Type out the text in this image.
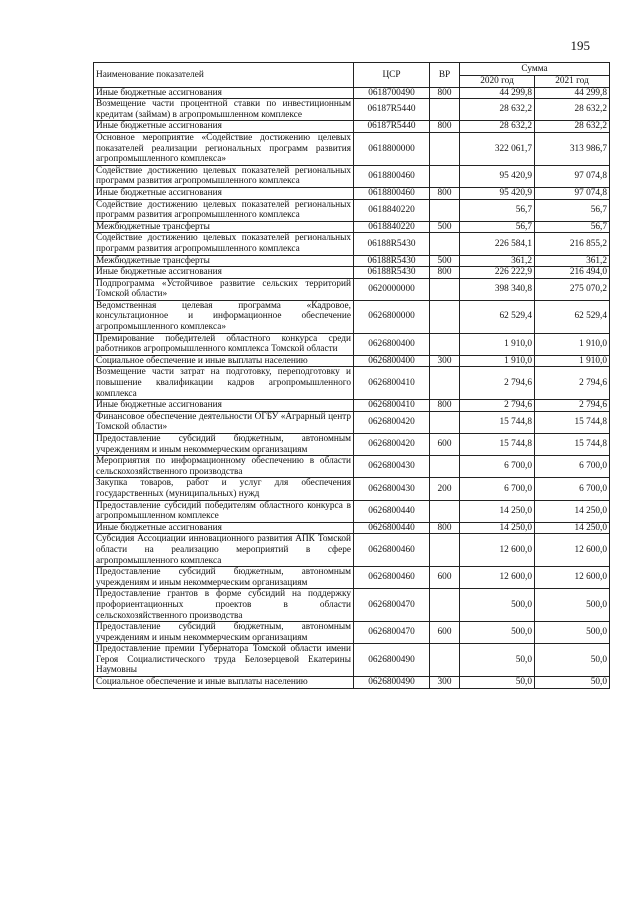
195
Наименование показателей	ЦСР	ВР	Сумма	
			2020 год	2021 год
Иные бюджетные ассигнования	0618700490	800	44 299,8	44 299,8
Возмещение части процентной ставки по инвестиционным кредитам (займам) в агропромышленном комплексе	06187R5440		28 632,2	28 632,2
Иные бюджетные ассигнования	06187R5440	800	28 632,2	28 632,2
Основное мероприятие «Содействие достижению целевых показателей реализации региональных программ развития агропромышленного комплекса»	0618800000		322 061,7	313 986,7
Содействие достижению целевых показателей региональных программ развития агропромышленного комплекса	0618800460		95 420,9	97 074,8
Иные бюджетные ассигнования	0618800460	800	95 420,9	97 074,8
Содействие достижению целевых показателей региональных программ развития агропромышленного комплекса	0618840220		56,7	56,7
Межбюджетные трансферты	0618840220	500	56,7	56,7
Содействие достижению целевых показателей региональных программ развития агропромышленного комплекса	06188R5430		226 584,1	216 855,2
Межбюджетные трансферты	06188R5430	500	361,2	361,2
Иные бюджетные ассигнования	06188R5430	800	226 222,9	216 494,0
Подпрограмма «Устойчивое развитие сельских территорий Томской области»	0620000000		398 340,8	275 070,2
Ведомственная целевая программа «Кадровое, консультационное и информационное обеспечение агропромышленного комплекса»	0626800000		62 529,4	62 529,4
Премирование победителей областного конкурса среди работников агропромышленного комплекса Томской области	0626800400		1 910,0	1 910,0
Социальное обеспечение и иные выплаты населению	0626800400	300	1 910,0	1 910,0
Возмещение части затрат на подготовку, переподготовку и повышение квалификации кадров агропромышленного комплекса	0626800410		2 794,6	2 794,6
Иные бюджетные ассигнования	0626800410	800	2 794,6	2 794,6
Финансовое обеспечение деятельности ОГБУ «Аграрный центр Томской области»	0626800420		15 744,8	15 744,8
Предоставление субсидий бюджетным, автономным учреждениям и иным некоммерческим организациям	0626800420	600	15 744,8	15 744,8
Мероприятия по информационному обеспечению в области сельскохозяйственного производства	0626800430		6 700,0	6 700,0
Закупка товаров, работ и услуг для обеспечения государственных (муниципальных) нужд	0626800430	200	6 700,0	6 700,0
Предоставление субсидий победителям областного конкурса в агропромышленном комплексе	0626800440		14 250,0	14 250,0
Иные бюджетные ассигнования	0626800440	800	14 250,0	14 250,0
Субсидия Ассоциации инновационного развития АПК Томской области на реализацию мероприятий в сфере агропромышленного комплекса	0626800460		12 600,0	12 600,0
Предоставление субсидий бюджетным, автономным учреждениям и иным некоммерческим организациям	0626800460	600	12 600,0	12 600,0
Предоставление грантов в форме субсидий на поддержку профориентационных проектов в области сельскохозяйственного производства	0626800470		500,0	500,0
Предоставление субсидий бюджетным, автономным учреждениям и иным некоммерческим организациям	0626800470	600	500,0	500,0
Предоставление премии Губернатора Томской области имени Героя Социалистического труда Белозерцевой Екатерины Наумовны	0626800490		50,0	50,0
Социальное обеспечение и иные выплаты населению	0626800490	300	50,0	50,0
